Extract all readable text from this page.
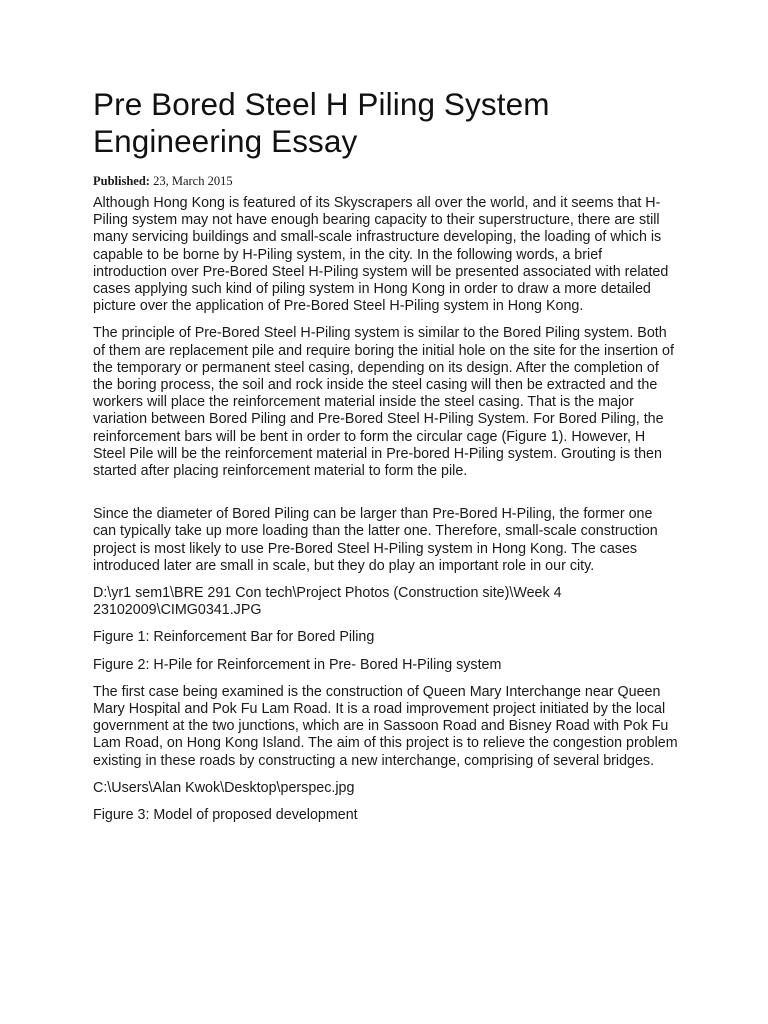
Pre Bored Steel H Piling System Engineering Essay
Published: 23, March 2015

Although Hong Kong is featured of its Skyscrapers all over the world, and it seems that H-Piling system may not have enough bearing capacity to their superstructure, there are still many servicing buildings and small-scale infrastructure developing, the loading of which is capable to be borne by H-Piling system, in the city. In the following words, a brief introduction over Pre-Bored Steel H-Piling system will be presented associated with related cases applying such kind of piling system in Hong Kong in order to draw a more detailed picture over the application of Pre-Bored Steel H-Piling system in Hong Kong.

The principle of Pre-Bored Steel H-Piling system is similar to the Bored Piling system. Both of them are replacement pile and require boring the initial hole on the site for the insertion of the temporary or permanent steel casing, depending on its design. After the completion of the boring process, the soil and rock inside the steel casing will then be extracted and the workers will place the reinforcement material inside the steel casing. That is the major variation between Bored Piling and Pre-Bored Steel H-Piling System. For Bored Piling, the reinforcement bars will be bent in order to form the circular cage (Figure 1). However, H Steel Pile will be the reinforcement material in Pre-bored H-Piling system. Grouting is then started after placing reinforcement material to form the pile.

Since the diameter of Bored Piling can be larger than Pre-Bored H-Piling, the former one can typically take up more loading than the latter one. Therefore, small-scale construction project is most likely to use Pre-Bored Steel H-Piling system in Hong Kong. The cases introduced later are small in scale, but they do play an important role in our city.

D:\yr1 sem1\BRE 291 Con tech\Project Photos (Construction site)\Week 4 23102009\CIMG0341.JPG

Figure 1: Reinforcement Bar for Bored Piling

Figure 2: H-Pile for Reinforcement in Pre- Bored H-Piling system

The first case being examined is the construction of Queen Mary Interchange near Queen Mary Hospital and Pok Fu Lam Road. It is a road improvement project initiated by the local government at the two junctions, which are in Sassoon Road and Bisney Road with Pok Fu Lam Road, on Hong Kong Island. The aim of this project is to relieve the congestion problem existing in these roads by constructing a new interchange, comprising of several bridges.

C:\Users\Alan Kwok\Desktop\perspec.jpg

Figure 3: Model of proposed development
